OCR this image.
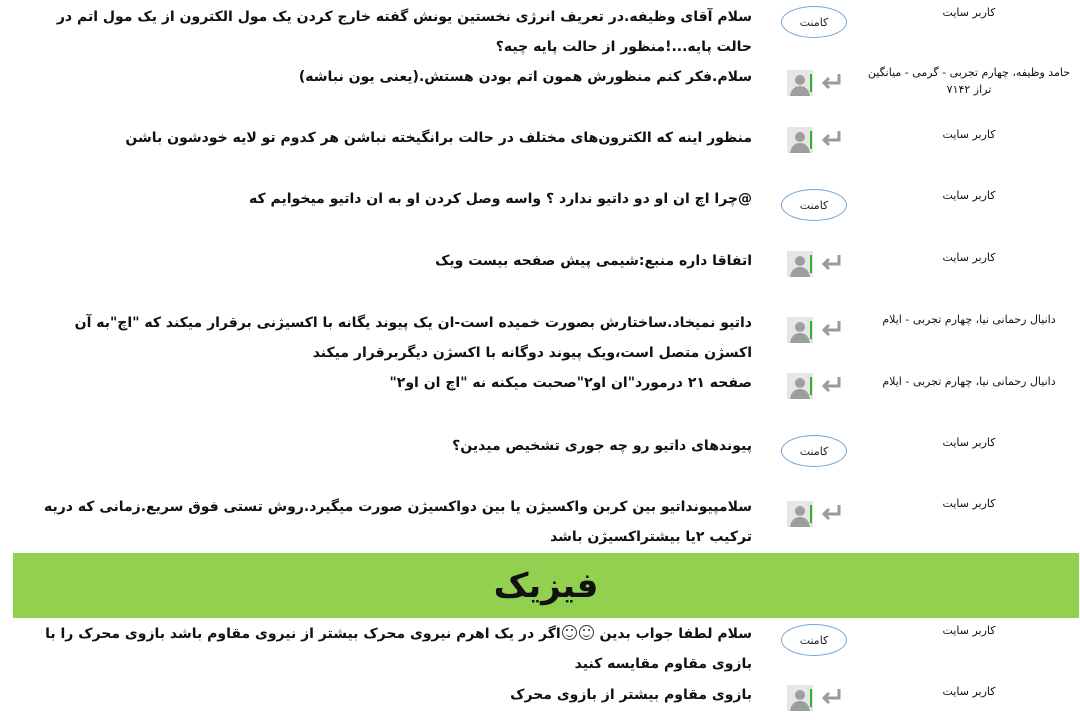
کاربر سایت
کامنت
سلام آقای وظیفه.در تعریف انرژی نخستین یونش گفته خارج کردن یک مول الکترون از یک مول اتم در حالت پایه...!منظور از حالت پایه چیه؟
حامد وظیفه، چهارم تجربی - گرمی - میانگین تراز ۷۱۴۲
سلام.فکر کنم منظورش همون اتم بودن هستش.(یعنی یون نباشه)
کاربر سایت
منظور اینه که الکترون‌های مختلف در حالت برانگیخته نباشن هر کدوم تو لایه خودشون باشن
کاربر سایت
کامنت
@چرا اچ ان او دو داتیو ندارد ؟ واسه وصل کردن او به ان داتیو میخوایم که
کاربر سایت
اتفاقا داره منبع:شیمی پیش صفحه بیست ویک
دانیال رحمانی نیا، چهارم تجربی - ایلام
داتیو نمیخاد.ساختارش بصورت خمیده است-ان یک پیوند یگانه با اکسیژنی برقرار میکند که "اچ"به آن اکسژن متصل است،ویک پیوند دوگانه با اکسژن دیگربرقرار میکند
دانیال رحمانی نیا، چهارم تجربی - ایلام
صفحه ۲۱ درمورد"ان او۲"صحبت میکنه نه "اچ ان او۲"
کاربر سایت
کامنت
پیوندهای داتیو رو چه جوری تشخیص میدین؟
کاربر سایت
سلامپیونداتیو بین کربن واکسیژن یا بین دواکسیژن صورت میگیرد.روش تستی فوق سریع.زمانی که دریه ترکیب ۲یا بیشتراکسیژن باشد
فیزیک
کاربر سایت
کامنت
سلام لطفا جواب بدین اگر در یک اهرم نیروی محرک بیشتر از نیروی مقاوم باشد بازوی محرک را با بازوی مقاوم مقایسه کنید
کاربر سایت
بازوی مقاوم بیشتر از بازوی محرک
